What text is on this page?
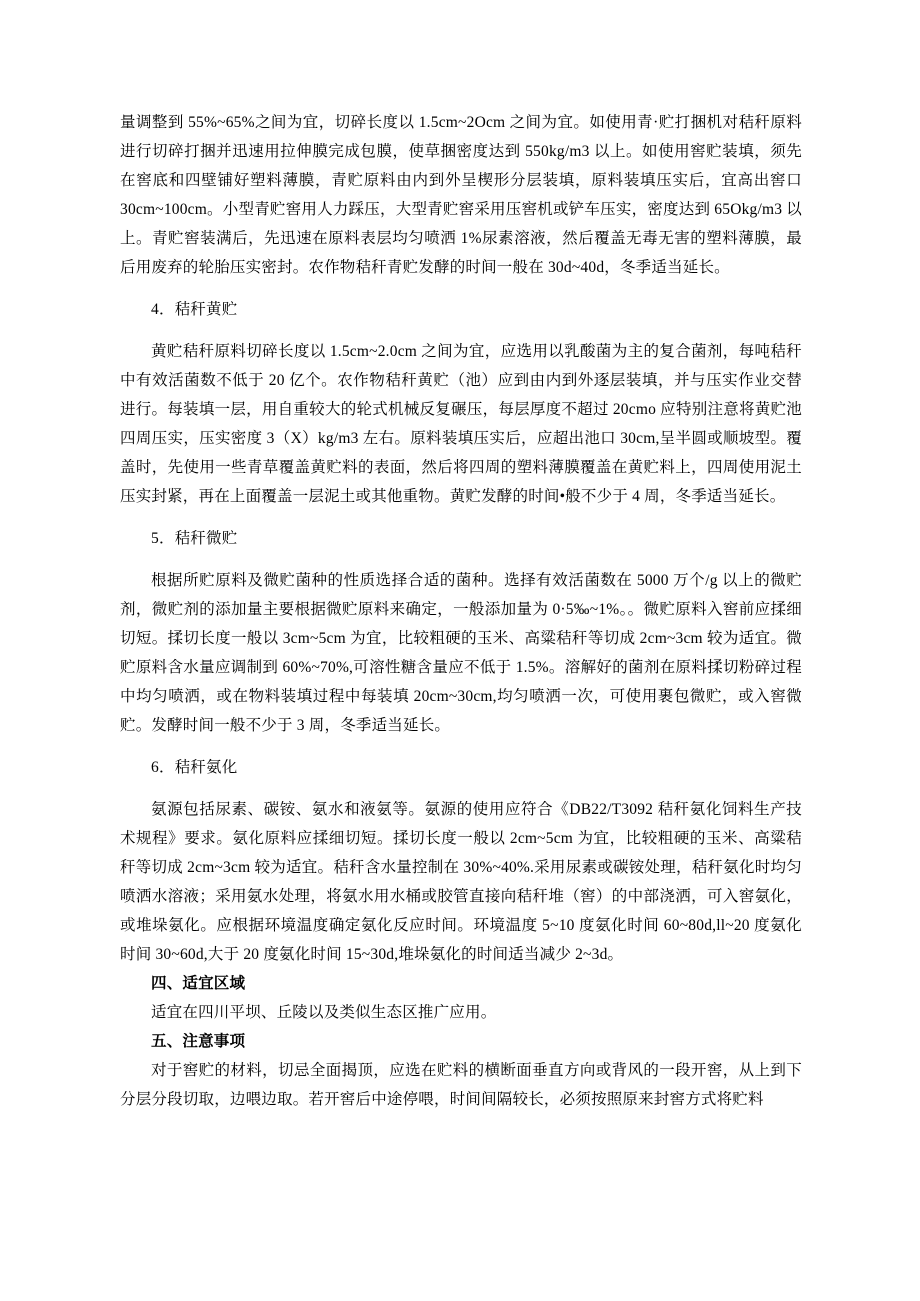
量调整到 55%~65%之间为宜，切碎长度以 1.5cm~2Ocm 之间为宜。如使用青·贮打捆机对秸秆原料进行切碎打捆并迅速用拉伸膜完成包膜，使草捆密度达到 550kg/m3 以上。如使用窖贮装填，须先在窖底和四壁铺好塑料薄膜，青贮原料由内到外呈楔形分层装填，原料装填压实后，宜高出窖口 30cm~100cm。小型青贮窖用人力踩压，大型青贮窖采用压窖机或铲车压实，密度达到 65Okg/m3 以上。青贮窖装满后，先迅速在原料表层均匀喷洒 1%尿素溶液，然后覆盖无毒无害的塑料薄膜，最后用废弃的轮胎压实密封。农作物秸秆青贮发酵的时间一般在 30d~40d，冬季适当延长。

4．秸秆黄贮

黄贮秸秆原料切碎长度以 1.5cm~2.0cm 之间为宜，应选用以乳酸菌为主的复合菌剂，每吨秸秆中有效活菌数不低于 20 亿个。农作物秸秆黄贮（池）应到由内到外逐层装填，并与压实作业交替进行。每装填一层，用自重较大的轮式机械反复碾压，每层厚度不超过 20cmo 应特别注意将黄贮池四周压实，压实密度 3（X）kg/m3 左右。原料装填压实后，应超出池口 30cm,呈半圆或顺坡型。覆盖时，先使用一些青草覆盖黄贮料的表面，然后将四周的塑料薄膜覆盖在黄贮料上，四周使用泥土压实封紧，再在上面覆盖一层泥土或其他重物。黄贮发酵的时间•般不少于 4 周，冬季适当延长。

5．秸秆微贮

根据所贮原料及微贮菌种的性质选择合适的菌种。选择有效活菌数在 5000 万个/g 以上的微贮剂，微贮剂的添加量主要根据微贮原料来确定，一般添加量为 0·5‰~1%。。微贮原料入窖前应揉细切短。揉切长度一般以 3cm~5cm 为宜，比较粗硬的玉米、高粱秸秆等切成 2cm~3cm 较为适宜。微贮原料含水量应调制到 60%~70%,可溶性糖含量应不低于 1.5%。溶解好的菌剂在原料揉切粉碎过程中均匀喷洒，或在物料装填过程中每装填 20cm~30cm,均匀喷洒一次，可使用裹包微贮，或入窖微贮。发酵时间一般不少于 3 周，冬季适当延长。

6．秸秆氨化

氨源包括尿素、碳铵、氨水和液氨等。氨源的使用应符合《DB22/T3092 秸秆氨化饲料生产技术规程》要求。氨化原料应揉细切短。揉切长度一般以 2cm~5cm 为宜，比较粗硬的玉米、高粱秸秆等切成 2cm~3cm 较为适宜。秸秆含水量控制在 30%~40%.采用尿素或碳铵处理，秸秆氨化时均匀喷洒水溶液；采用氨水处理，将氨水用水桶或胶管直接向秸秆堆（窖）的中部浇洒，可入窖氨化，或堆垛氨化。应根据环境温度确定氨化反应时间。环境温度 5~10 度氨化时间 60~80d,ll~20 度氨化时间 30~60d,大于 20 度氨化时间 15~30d,堆垛氨化的时间适当减少 2~3d。

四、适宜区域

适宜在四川平坝、丘陵以及类似生态区推广应用。

五、注意事项

对于窖贮的材料，切忌全面揭顶，应选在贮料的横断面垂直方向或背风的一段开窖，从上到下分层分段切取，边喂边取。若开窖后中途停喂，时间间隔较长，必须按照原来封窖方式将贮料
